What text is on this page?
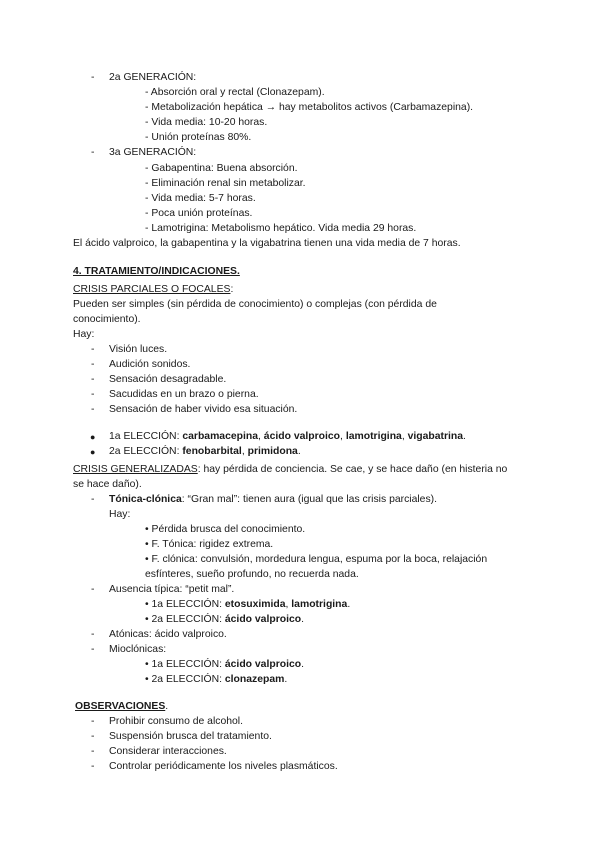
-	2a GENERACIÓN:
- Absorción oral y rectal (Clonazepam).
- Metabolización hepática → hay metabolitos activos (Carbamazepina).
- Vida media: 10-20 horas.
- Unión proteínas 80%.
-	3a GENERACIÓN:
- Gabapentina: Buena absorción.
- Eliminación renal sin metabolizar.
- Vida media: 5-7 horas.
- Poca unión proteínas.
- Lamotrigina: Metabolismo hepático. Vida media 29 horas.
El ácido valproico, la gabapentina y la vigabatrina tienen una vida media de 7 horas.
4. TRATAMIENTO/INDICACIONES.
CRISIS PARCIALES O FOCALES:
Pueden ser simples (sin pérdida de conocimiento) o complejas (con pérdida de
conocimiento).
Hay:
-	Visión luces.
-	Audición sonidos.
-	Sensación desagradable.
-	Sacudidas en un brazo o pierna.
-	Sensación de haber vivido esa situación.
● 1a ELECCIÓN: carbamacepina, ácido valproico, lamotrigina, vigabatrina.
● 2a ELECCIÓN: fenobarbital, primidona.
CRISIS GENERALIZADAS: hay pérdida de conciencia. Se cae, y se hace daño (en histeria no
se hace daño).
-	Tónica-clónica: “Gran mal”: tienen aura (igual que las crisis parciales).
Hay:
• Pérdida brusca del conocimiento.
• F. Tónica: rigidez extrema.
• F. clónica: convulsión, mordedura lengua, espuma por la boca, relajación
esfínteres, sueño profundo, no recuerda nada.
-	Ausencia típica: “petit mal”.
• 1a ELECCIÓN: etosuximida, lamotrigina.
• 2a ELECCIÓN: ácido valproico.
-	Atónicas: ácido valproico.
-	Mioclónicas:
• 1a ELECCIÓN: ácido valproico.
• 2a ELECCIÓN: clonazepam.
OBSERVACIONES.
-	Prohibir consumo de alcohol.
-	Suspensión brusca del tratamiento.
-	Considerar interacciones.
-	Controlar periódicamente los niveles plasmáticos.
